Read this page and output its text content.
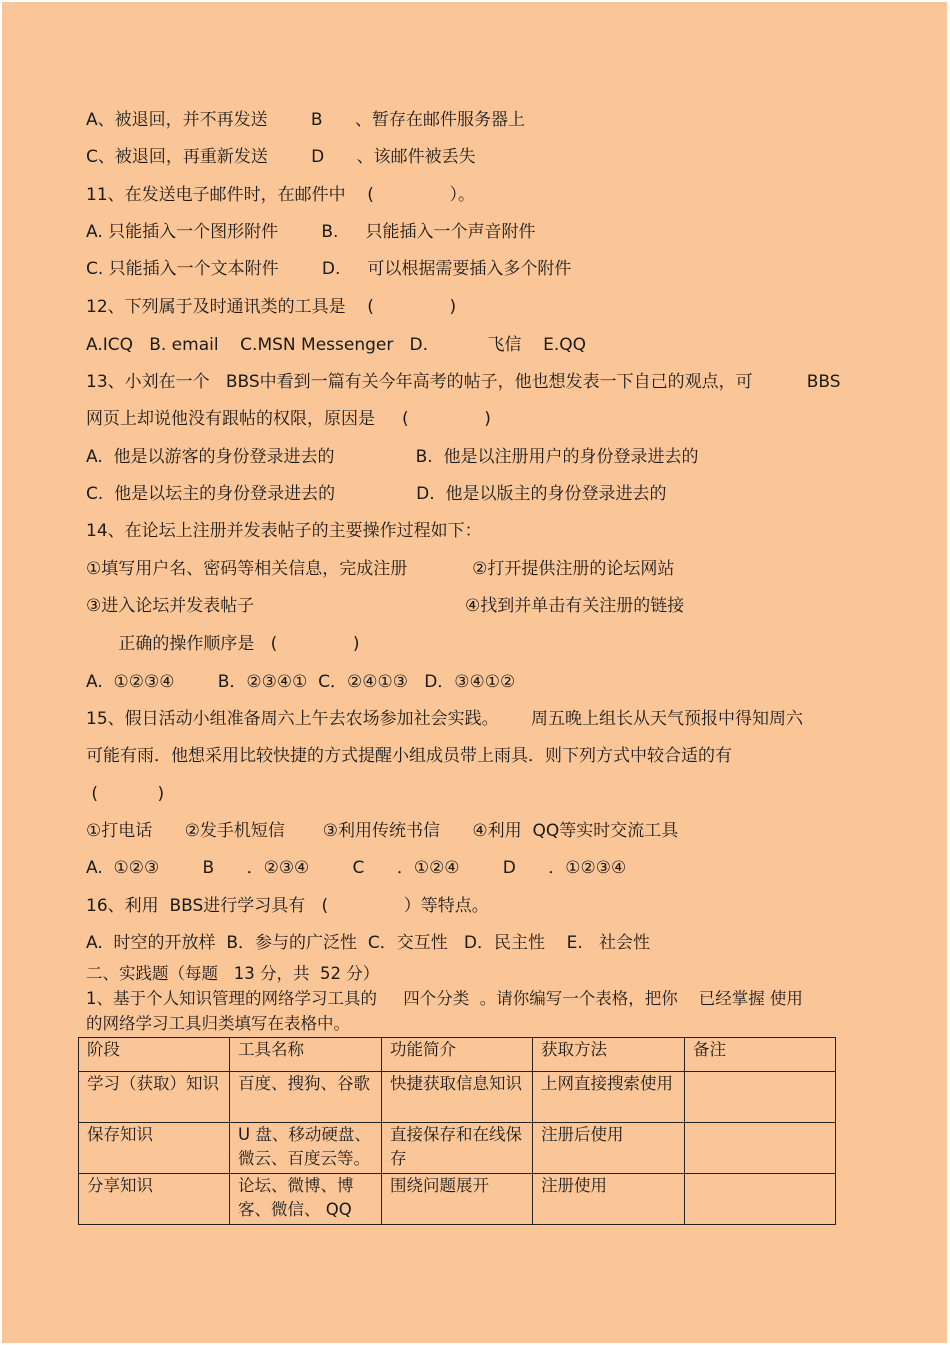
A、被退回，并不再发送        B      、暂存在邮件服务器上
C、被退回，再重新发送        D      、该邮件被丢失
11、在发送电子邮件时，在邮件中    (              ）。
A. 只能插入一个图形附件        B.     只能插入一个声音附件
C. 只能插入一个文本附件        D.     可以根据需要插入多个附件
12、下列属于及时通讯类的工具是    (              )
A.ICQ   B. email    C.MSN Messenger   D.           飞信    E.QQ
13、小刘在一个   BBS中看到一篇有关今年高考的帖子，他也想发表一下自己的观点，可          BBS
网页上却说他没有跟帖的权限，原因是     (              )
A.  他是以游客的身份登录进去的               B.  他是以注册用户的身份登录进去的
C.  他是以坛主的身份登录进去的               D.  他是以版主的身份登录进去的
14、在论坛上注册并发表帖子的主要操作过程如下：
①填写用户名、密码等相关信息，完成注册            ②打开提供注册的论坛网站
③进入论坛并发表帖子                                       ④找到并单击有关注册的链接
正确的操作顺序是   (              )
A.  ①②③④        B．②③④①  C．②④①③   D．③④①②
15、假日活动小组准备周六上午去农场参加社会实践。      周五晚上组长从天气预报中得知周六
可能有雨．他想采用比较快捷的方式提醒小组成员带上雨具．则下列方式中较合适的有
(           )
①打电话      ②发手机短信       ③利用传统书信      ④利用  QQ等实时交流工具
A.  ①②③        B      ．②③④        C      ．①②④        D      ．①②③④
16、利用  BBS进行学习具有   (              ）等特点。
A.  时空的开放样  B．参与的广泛性  C．交互性   D．民主性    E.   社会性
二、实践题（每题   13 分，共  52 分）
1、基于个人知识管理的网络学习工具的     四个分类  。请你编写一个表格，把你    已经掌握 使用
的网络学习工具归类填写在表格中。
阶段	工具名称	功能简介	获取方法	备注
学习（获取）知识	百度、搜狗、谷歌	快捷获取信息知识	上网直接搜索使用	
保存知识	U 盘、移动硬盘、微云、百度云等。	直接保存和在线保存	注册后使用	
分享知识	论坛、微博、博客、微信、 QQ	围绕问题展开	注册使用	
